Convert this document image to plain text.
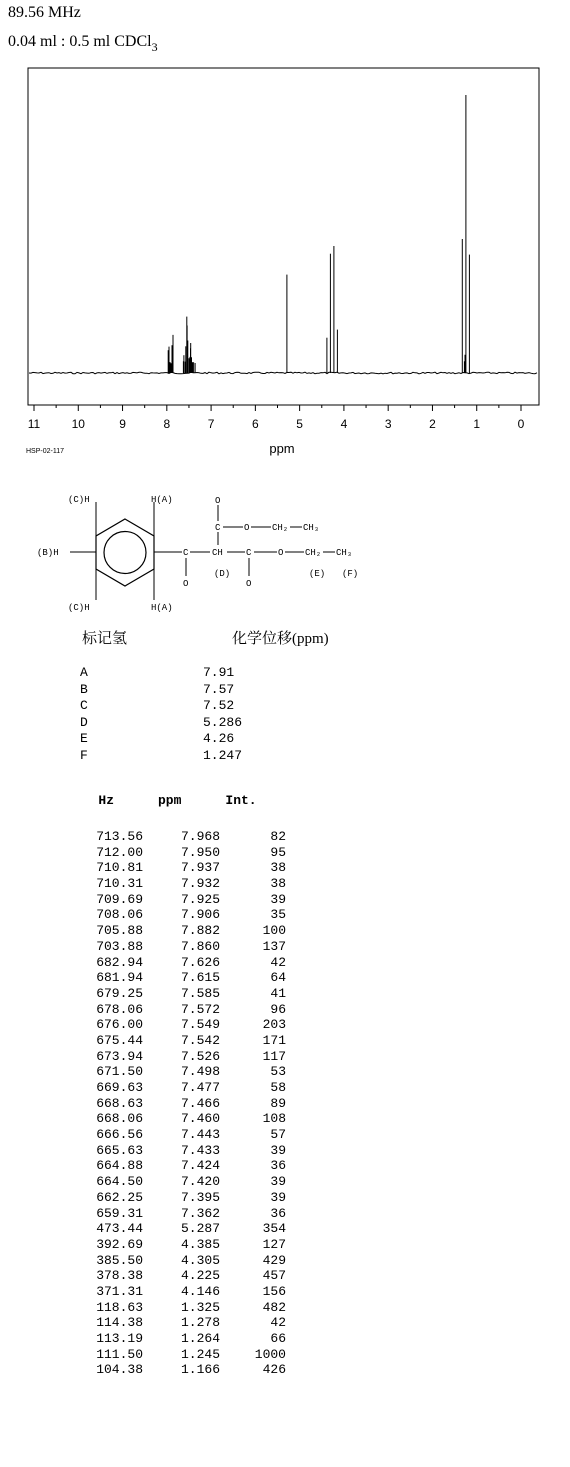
89.56 MHz
0.04 ml : 0.5 ml CDCl$_3$
11	10	9	8	7	6	5	4	3	2	1	0
ppm
HSP-02-117
(C)H	H(A)
(B)H
(C)H	H(A)
C
O
CH
(D)
C
O
O	CH₂ CH₃
C
O
O CH₂ CH₃
(E) (F)
标记氢	化学位移(ppm)
A	7.91
B	7.57
C	7.52
D	5.286
E	4.26
F	1.247
Hz	ppm	Int.
713.56	7.968	82
712.00	7.950	95
710.81	7.937	38
710.31	7.932	38
709.69	7.925	39
708.06	7.906	35
705.88	7.882	100
703.88	7.860	137
682.94	7.626	42
681.94	7.615	64
679.25	7.585	41
678.06	7.572	96
676.00	7.549	203
675.44	7.542	171
673.94	7.526	117
671.50	7.498	53
669.63	7.477	58
668.63	7.466	89
668.06	7.460	108
666.56	7.443	57
665.63	7.433	39
664.88	7.424	36
664.50	7.420	39
662.25	7.395	39
659.31	7.362	36
473.44	5.287	354
392.69	4.385	127
385.50	4.305	429
378.38	4.225	457
371.31	4.146	156
118.63	1.325	482
114.38	1.278	42
113.19	1.264	66
111.50	1.245	1000
104.38	1.166	426
